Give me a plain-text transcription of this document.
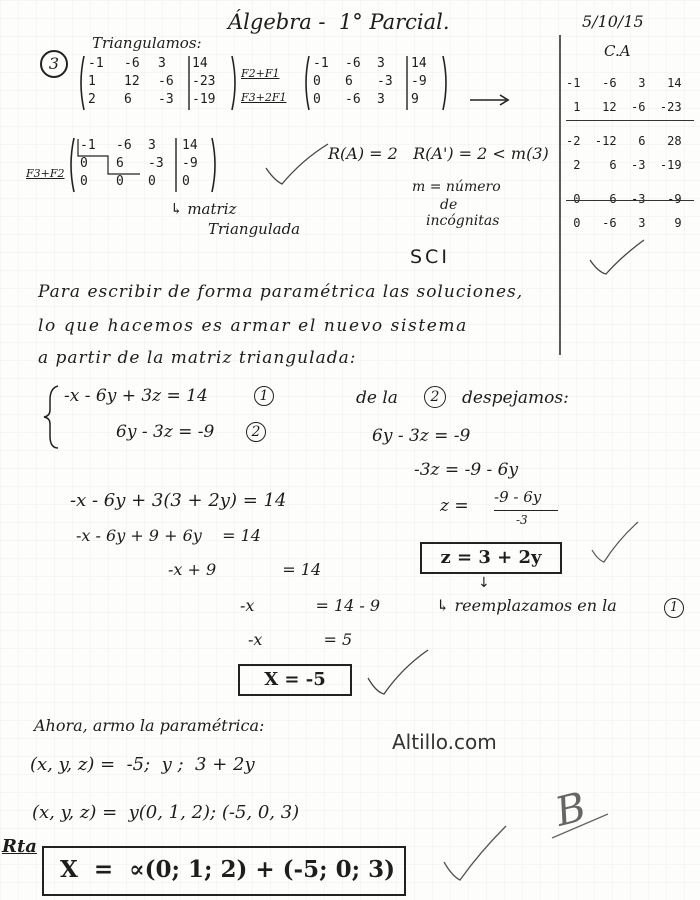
Álgebra -  1° Parcial.	5/10/15
3
Triangulamos:
-1 -6 3 14
1 12 -6 -23
2 6 -3 -19
F2+F1
F3+2F1
-1 -6 3 14
0 6 -3 -9
0 -6 3 9
F3+F2
-1 -6 3 14
0 6 -3 -9
0 0 0 0
↳ matriz
Triangulada
R(A) = 2   R(A') = 2 < m(3)
m = número
de
incógnitas
SCI
C.A
-1   -6   3   14
1   12  -6  -23
-2  -12   6   28
2    6  -3  -19
0    6  -3   -9
0   -6   3    9
Para escribir de forma paramétrica las soluciones,
lo que hacemos es armar el nuevo sistema
a partir de la matriz triangulada:
-x - 6y + 3z = 14	1
6y - 3z = -9	2
de la	2	despejamos:
6y - 3z = -9
-3z = -9 - 6y
z = -9 - 6y
-3
z = 3 + 2y
↓
↳ reemplazamos en la	1
-x - 6y + 3(3 + 2y) = 14
-x - 6y + 9 + 6y    = 14
-x + 9             = 14
-x            = 14 - 9
-x            = 5
X = -5
Ahora, armo la paramétrica:
Altillo.com
(x, y, z) =  -5;  y ;  3 + 2y
(x, y, z) =  y(0, 1, 2); (-5, 0, 3)	B
Rta
X  =  ∝(0; 1; 2) + (-5; 0; 3)
